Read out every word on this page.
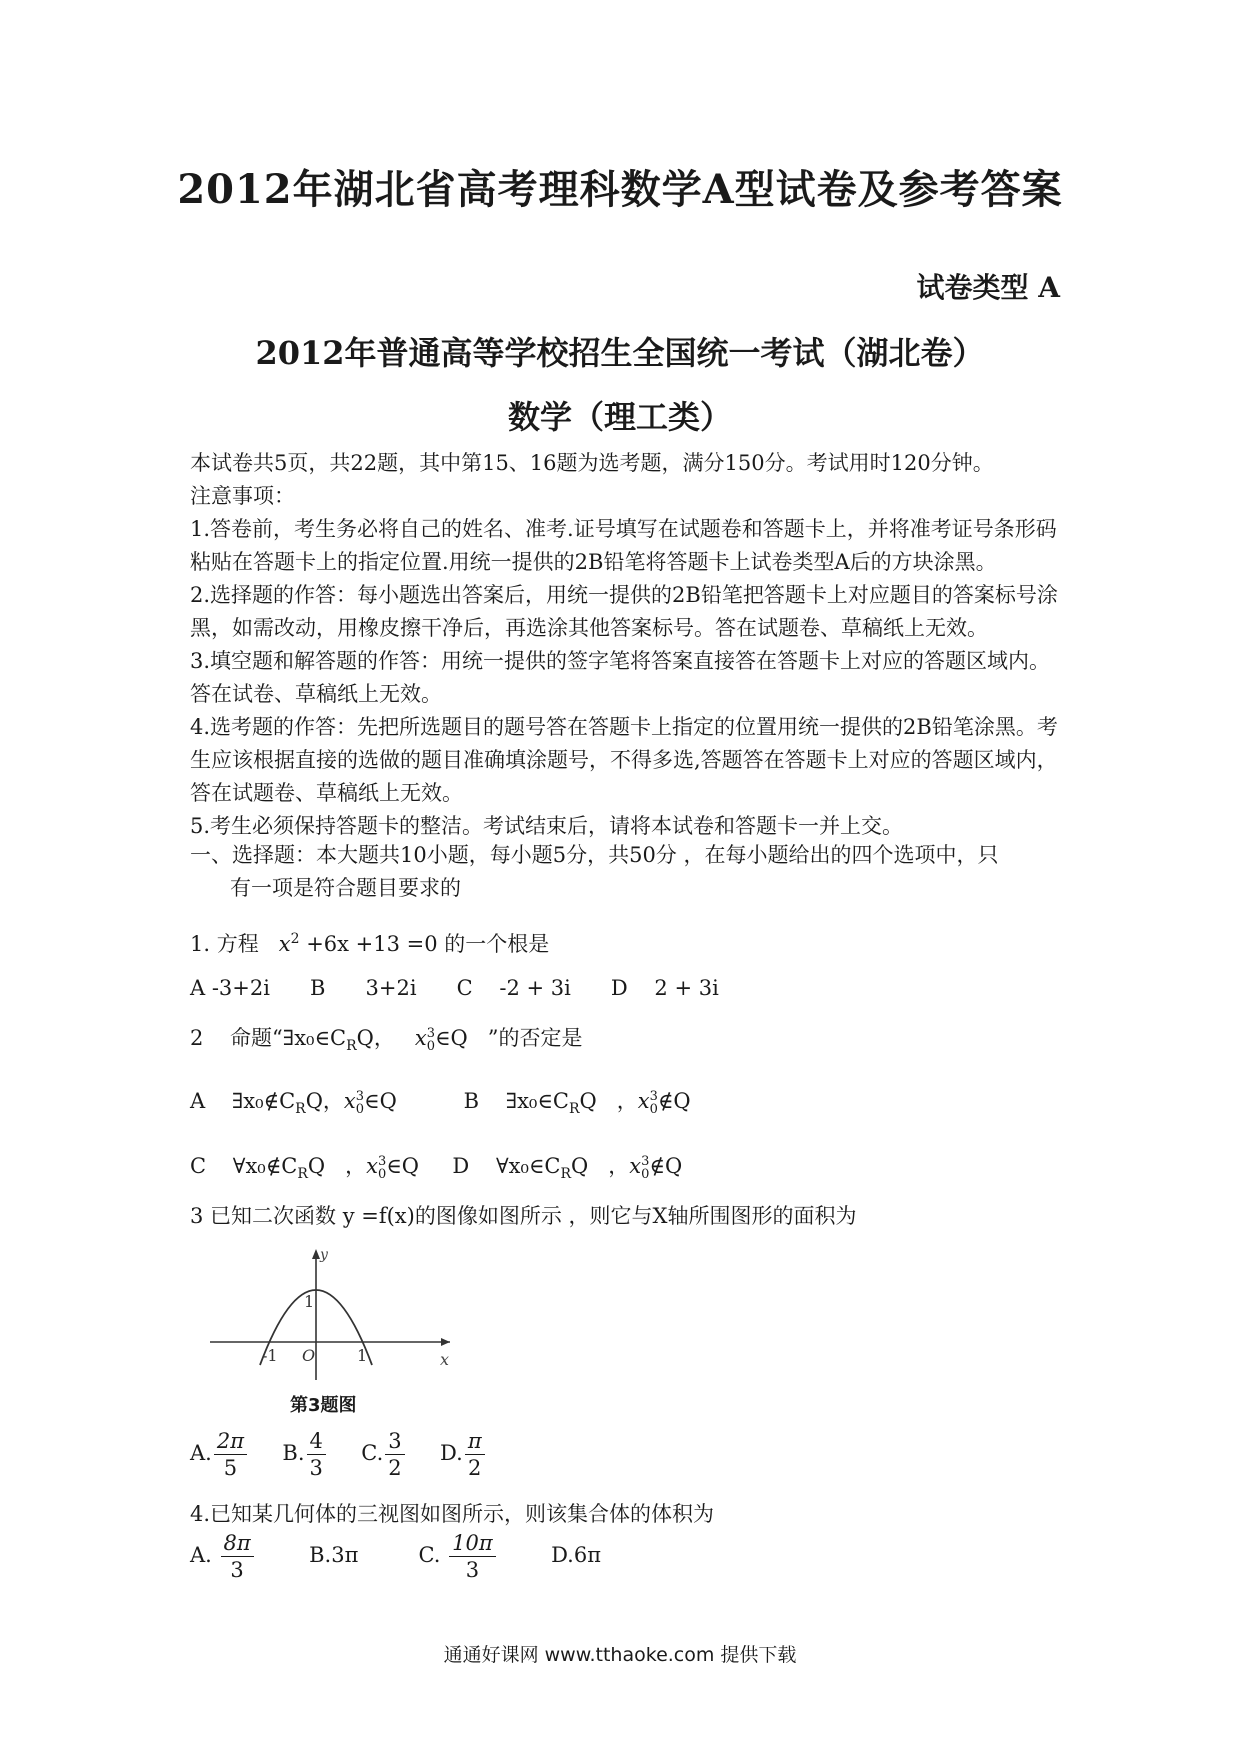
2012年湖北省高考理科数学A型试卷及参考答案
试卷类型 A
2012年普通高等学校招生全国统一考试（湖北卷）
数学（理工类）

本试卷共5页，共22题，其中第15、16题为选考题，满分150分。考试用时120分钟。

注意事项：

1.答卷前，考生务必将自己的姓名、准考.证号填写在试题卷和答题卡上，并将准考证号条形码粘贴在答题卡上的指定位置.用统一提供的2B铅笔将答题卡上试卷类型A后的方块涂黑。

2.选择题的作答：每小题选出答案后，用统一提供的2B铅笔把答题卡上对应题目的答案标号涂黑，如需改动，用橡皮擦干净后，再选涂其他答案标号。答在试题卷、草稿纸上无效。

3.填空题和解答题的作答：用统一提供的签字笔将答案直接答在答题卡上对应的答题区域内。答在试卷、草稿纸上无效。

4.选考题的作答：先把所选题目的题号答在答题卡上指定的位置用统一提供的2B铅笔涂黑。考生应该根据直接的选做的题目准确填涂题号，不得多选,答题答在答题卡上对应的答题区域内，答在试题卷、草稿纸上无效。

5.考生必须保持答题卡的整洁。考试结束后，请将本试卷和答题卡一并上交。

一、选择题：本大题共10小题，每小题5分，共50分 ，在每小题给出的四个选项中，只

有一项是符合题目要求的

1. 方程 $x^2 +6x +13 =0$ 的一个根是
A -3+2i      B      3+2i      C    -2 + 3i      D    2 + 3i
2    命题“$\exists x_0\in C_RQ$， x 3
0 ∈Q   ”的否定是
A    $\exists x_0\notin C_RQ$，x 3
0 ∈Q	B    $\exists x_0\in C_RQ$   ，x 3
0 ∉Q
C    $\forall x_0\notin C_RQ$   ，x 3
0 ∈Q D    $\forall x_0\in C_RQ$   ，x 3
0 ∉Q
3 已知二次函数 y =f(x)的图像如图所示 ，则它与X轴所围图形的面积为
y
x
O
1
-1	1
第3题图
A. $\frac{2\pi}{5} B$. $\frac{4}{3} C$. $\frac{3}{2} D$. $\frac{\pi}{2}$
4.已知某几何体的三视图如图所示，则该集合体的体积为
A. $\frac{8\pi}{3}$	B.3π	C. $\frac{10\pi}{3}$	D.6π
通通好课网 www.tthaoke.com 提供下载
